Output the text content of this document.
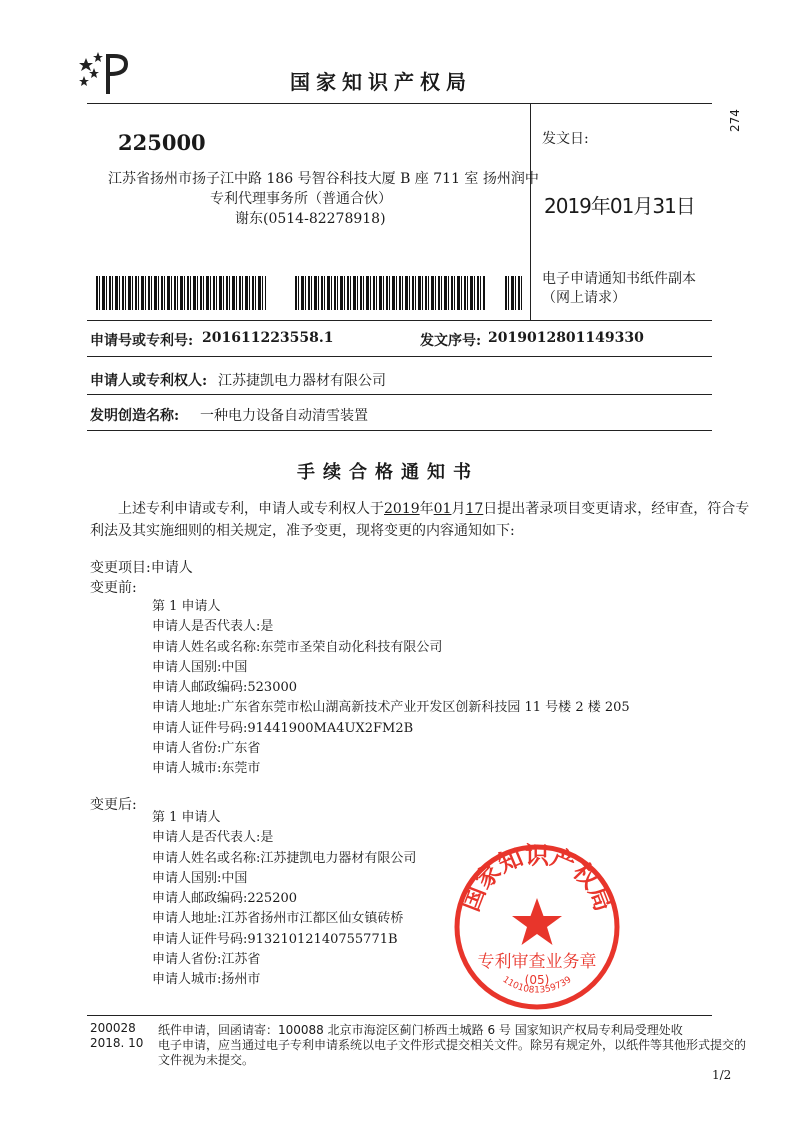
国家知识产权局
225000
江苏省扬州市扬子江中路 186 号智谷科技大厦 B 座 711 室 扬州润中
专利代理事务所（普通合伙）
谢东(0514-82278918)
发文日:
2019年01月31日
274
电子申请通知书纸件副本（网上请求）
申请号或专利号: 201611223558.1	发文序号: 2019012801149330
申请人或专利权人: 江苏捷凯电力器材有限公司
发明创造名称: 一种电力设备自动清雪装置
手续合格通知书
上述专利申请或专利，申请人或专利权人于2019年01月17日提出著录项目变更请求，经审查，符合专
利法及其实施细则的相关规定，准予变更，现将变更的内容通知如下:
变更项目:申请人
变更前:
第 1 申请人
申请人是否代表人:是
申请人姓名或名称:东莞市圣荣自动化科技有限公司
申请人国别:中国
申请人邮政编码:523000
申请人地址:广东省东莞市松山湖高新技术产业开发区创新科技园 11 号楼 2 楼 205
申请人证件号码:91441900MA4UX2FM2B
申请人省份:广东省
申请人城市:东莞市
变更后:
第 1 申请人
申请人是否代表人:是
申请人姓名或名称:江苏捷凯电力器材有限公司
申请人国别:中国
申请人邮政编码:225200
申请人地址:江苏省扬州市江都区仙女镇砖桥
申请人证件号码:91321012140755771B
申请人省份:江苏省
申请人城市:扬州市
国家知识产权局
专利审查业务章
(05)
1101081359739
200028
2018. 10
纸件申请，回函请寄：100088 北京市海淀区蓟门桥西土城路 6 号 国家知识产权局专利局受理处收
电子申请，应当通过电子专利申请系统以电子文件形式提交相关文件。除另有规定外，以纸件等其他形式提交的
文件视为未提交。
1/2
